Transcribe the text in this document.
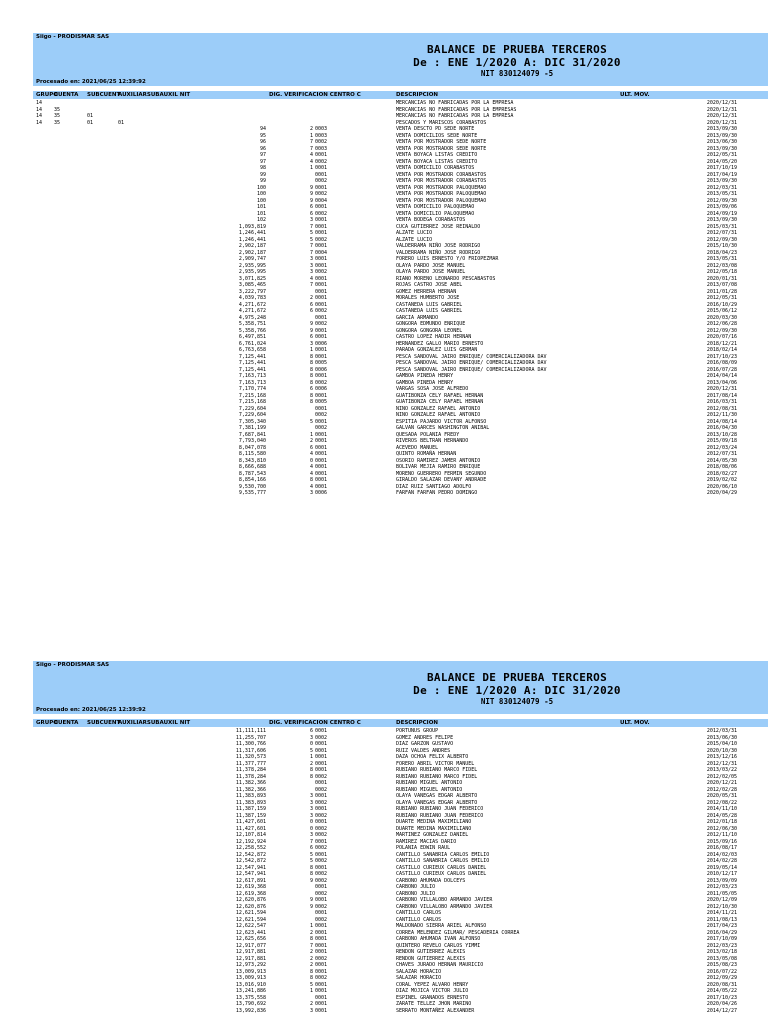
Siigo - PRODISMAR SAS
BALANCE DE PRUEBA TERCEROS
De : ENE 1/2020 A: DIC 31/2020
NIT 830124079 -5
Procesado en: 2021/06/25 12:39:92
GRUPO
CUENTA SUBCUENT
AUXILIARSUBAUXIL NIT	DIG. VERIFICACION CENTRO C	DESCRIPCION	ULT. MOV.
14	MERCANCIAS NO FABRICADAS POR LA EMPRESA	2020/12/31
14 35	MERCANCIAS NO FABRICADAS POR LA EMPRESAS	2020/12/31
14 35	01	MERCANCIAS NO FABRICADAS POR LA EMPRESA	2020/12/31
14 35	01	01	PESCADOS Y MARISCOS CORABASTOS	2020/12/31
94	2 0003	VENTA DESCTO PD SEDE NORTE	2013/09/30
95	1 0003	VENTA DOMICILIOS SEDE NORTE	2013/09/30
96	7 0002	VENTA POR MOSTRADOR SEDE NORTE	2013/06/30
96	7 0003	VENTA POR MOSTRADOR SEDE NORTE	2013/09/30
97	4 0001	VENTA BOYACA LISTAS CREDITO	2012/05/31
97	4 0002	VENTA BOYACA LISTAS CREDITO	2014/05/20
98	1 0001	VENTA DOMICILIO CORABASTOS	2017/10/19
99	0001	VENTA POR MOSTRADOR CORABASTOS	2017/04/19
99	0002	VENTA POR MOSTRADOR CORABASTOS	2013/09/30
100	9 0001	VENTA POR MOSTRADOR PALOQUEMAO	2012/03/31
100	9 0002	VENTA POR MOSTRADOR PALOQUEMAO	2013/05/31
100	9 0004	VENTA POR MOSTRADOR PALOQUEMAO	2012/09/30
101	6 0001	VENTA DOMICILIO PALOQUEMAO	2013/09/06
101	6 0002	VENTA DOMICILIO PALOQUEMAO	2014/09/19
102	3 0001	VENTA BODEGA CORABASTOS	2013/09/30
1,093,819	7 0001	CUCA GUTIERREZ JOSE REINALDO	2015/03/31
1,246,441	5 0001	ALZATE LUCIO	2012/07/31
1,246,441	5 0002	ALZATE LUCIO	2012/09/30
2,902,187	7 0001	VALDERRAMA NIÑO JOSE RODRIGO	2015/10/30
2,902,187	7 0004	VALDERRAMA NIÑO JOSE RODRIGO	2018/04/23
2,909,747	3 0001	FORERO LUIS ERNESTO Y/O FRIOPEZMAR	2013/05/31
2,935,995	3 0001	OLAYA PARDO JOSE MANUEL	2012/03/08
2,935,995	3 0002	OLAYA PARDO JOSE MANUEL	2012/05/18
3,071,825	4 0001	RIANO MORENO LEONARDO PESCABASTOS	2020/01/31
3,085,465	7 0001	ROJAS CASTRO JOSE ABEL	2013/07/08
3,222,797	0001	GOMEZ HERRERA HERNAN	2011/01/28
4,039,783	2 0001	MORALES HUMBERTO JOSE	2012/05/31
4,271,672	6 0001	CASTANEDA LUIS GABRIEL	2016/10/29
4,271,672	6 0002	CASTANEDA LUIS GABRIEL	2015/06/12
4,975,248	0001	GARCIA ARMANDO	2020/03/30
5,358,751	9 0002	GONGORA EDMUNDO ENRIQUE	2012/06/28
5,358,766	9 0001	GONGORA GONGORA LEONEL	2012/09/30
6,497,851	6 0001	CASTRO LOPEZ HADIR HERNAN	2020/07/16
6,761,024	3 0006	HERNANDEZ GALLO MARIO ERNESTO	2018/12/21
6,763,658	1 0001	PARADA GONZALEZ LUIS GERMAN	2018/02/14
7,125,441	8 0001	PESCA SANDOVAL JAIRO ENRIQUE/ COMERCIALIZADORA DAV	2017/10/23
7,125,441	8 0005	PESCA SANDOVAL JAIRO ENRIQUE/ COMERCIALIZADORA DAV	2016/08/09
7,125,441	8 0006	PESCA SANDOVAL JAIRO ENRIQUE/ COMERCIALIZADORA DAV	2016/07/28
7,163,713	8 0001	GAMBOA PINEDA HENRY	2014/04/14
7,163,713	8 0002	GAMBOA PINEDA HENRY	2013/04/06
7,170,774	6 0006	VARGAS SOSA JOSE ALFREDO	2020/12/31
7,215,168	8 0001	GUATIBONZA CELY RAFAEL HERNAN	2017/08/14
7,215,168	8 0005	GUATIBONZA CELY RAFAEL HERNAN	2016/03/31
7,229,604	0001	NINO GONZALEZ RAFAEL ANTONIO	2012/08/31
7,229,604	0002	NINO GONZALEZ RAFAEL ANTONIO	2012/11/30
7,305,340	5 0001	ESPITIA PAJARDO VICTOR ALFONSO	2014/08/14
7,381,199	0002	GALVAN GARCES WASHINGTON ANIBAL	2016/04/30
7,687,841	1 0001	QUESADA POLANIA FREDY	2013/10/28
7,793,040	2 0001	RIVEROS BELTRAN HERNANDO	2015/09/18
8,047,078	6 0001	ACEVEDO MANUEL	2012/03/24
8,115,580	4 0001	QUINTO ROMAÑA HERNAN	2012/07/31
8,343,810	0 0001	OSORIO RAMIREZ JAMER ANTONIO	2014/05/30
8,666,688	4 0001	BOLIVAR MEJIA RAMIRO ENRIQUE	2018/08/06
8,787,543	4 0001	MORENO GUERRERO FERMIN SEGUNDO	2018/02/27
8,854,166	8 0001	GIRALDO SALAZAR DEVANY ANDRADE	2019/02/02
9,530,700	4 0001	DIAZ RUIZ SANTIAGO ADOLFO	2020/06/10
9,535,777	3 0006	FARFAN FARFAN PEDRO DOMINGO	2020/04/29
Siigo - PRODISMAR SAS
BALANCE DE PRUEBA TERCEROS
De : ENE 1/2020 A: DIC 31/2020
NIT 830124079 -5
Procesado en: 2021/06/25 12:39:92
GRUPO
CUENTA SUBCUENT
AUXILIARSUBAUXIL NIT	DIG. VERIFICACION CENTRO C	DESCRIPCION	ULT. MOV.
11,111,111	6 0001	PORTUNUS GROUP	2012/03/31
11,255,707	3 0002	GOMEZ ANDRES FELIPE	2013/06/30
11,300,766	0 0001	DIAZ GARZON GUSTAVO	2015/04/10
11,317,606	5 0001	RUIZ VALDES ANDRES	2020/10/30
11,320,573	1 0001	DAZA OCHOA FELIX ALBERTO	2013/12/16
11,377,777	2 0001	FORERO ABRIL VICTOR MANUEL	2012/12/31
11,378,284	8 0001	RUBIANO RUBIANO MARCO FIDEL	2013/03/22
11,378,284	8 0002	RUBIANO RUBIANO MARCO FIDEL	2012/02/05
11,382,366	0001	RUBIANO MIGUEL ANTONIO	2020/12/21
11,382,366	0002	RUBIANO MIGUEL ANTONIO	2012/02/28
11,383,893	3 0001	OLAYA VANEGAS EDGAR ALBERTO	2020/05/31
11,383,893	3 0002	OLAYA VANEGAS EDGAR ALBERTO	2012/08/22
11,387,159	3 0001	RUBIANO RUBIANO JUAN FEDERICO	2014/11/10
11,387,159	3 0002	RUBIANO RUBIANO JUAN FEDERICO	2014/05/28
11,427,601	0 0001	DUARTE MEDINA MAXIMILIANO	2012/01/18
11,427,601	0 0002	DUARTE MEDINA MAXIMILIANO	2012/06/30
12,107,814	3 0002	MARTINEZ GONZALEZ DANIEL	2012/11/10
12,192,924	7 0001	RAMIREZ MACIAS DARIO	2015/09/16
12,258,552	6 0002	POLANIA EDWIN RAUL	2016/08/17
12,542,872	5 0001	CANTILLO SANABRIA CARLOS EMILIO	2014/02/03
12,542,872	5 0002	CANTILLO SANABRIA CARLOS EMILIO	2014/02/28
12,547,941	8 0001	CASTILLO CURIEUX CARLOS DANIEL	2019/05/14
12,547,941	8 0002	CASTILLO CURIEUX CARLOS DANIEL	2010/12/17
12,617,891	9 0002	CARBONO AHUMADA DOLCEYS	2013/09/09
12,619,368	0001	CARBONO JULIO	2012/03/23
12,619,368	0002	CARBONO JULIO	2011/05/05
12,620,876	9 0001	CARBONO VILLALOBO ARMANDO JAVIER	2020/12/09
12,620,876	9 0002	CARBONO VILLALOBO ARMANDO JAVIER	2012/10/30
12,621,594	0001	CANTILLO CARLOS	2014/11/21
12,621,594	0002	CANTILLO CARLOS	2011/08/13
12,622,547	1 0001	MALDONADO SIERRA ARIEL ALFONSO	2017/04/23
12,623,441	2 0001	CORREA MELENDEZ GILMAR/ PESCADERIA CORREA	2016/04/29
12,625,656	8 0001	CARBONO AHUMADA IVAN ALFONSO	2017/10/09
12,917,077	7 0001	QUINTERO REVELO CARLOS YIMMI	2012/03/23
12,917,881	2 0001	RENDON GUTIERREZ ALEXIS	2013/02/18
12,917,881	2 0002	RENDON GUTIERREZ ALEXIS	2013/05/08
12,973,292	2 0001	CHAVES JURADO HERNAN MAURICIO	2015/08/23
13,009,913	8 0001	SALAZAR HORACIO	2016/07/22
13,009,913	8 0002	SALAZAR HORACIO	2012/09/29
13,016,910	5 0001	CORAL YEPEZ ALVARO HENRY	2020/08/31
13,241,886	1 0001	DIAZ MOJICA VICTOR JULIO	2014/05/22
13,375,558	0001	ESPINEL GRANADOS ERNESTO	2017/10/23
13,790,692	2 0001	ZARATE TELLEZ JHON MARINO	2020/04/26
13,992,836	3 0001	SERRATO MONTAÑEZ ALEXANDER	2014/12/27
